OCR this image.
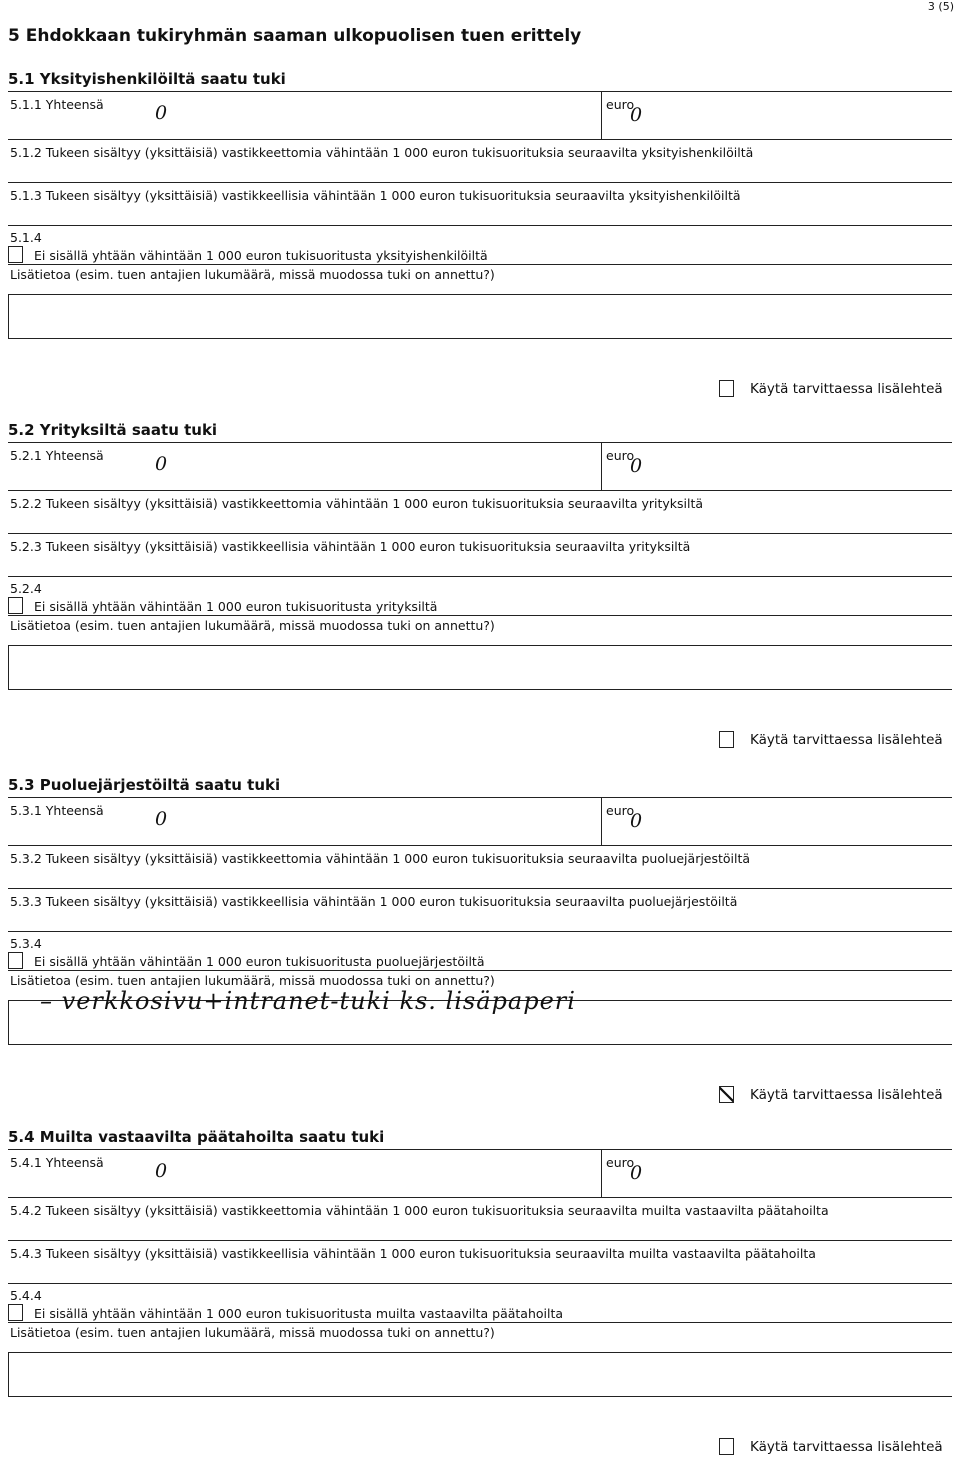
3 (5)
5 Ehdokkaan tukiryhmän saaman ulkopuolisen tuen erittely
5.1 Yksityishenkilöiltä saatu tuki
5.1.1 Yhteensä	0	euro
0
5.1.2 Tukeen sisältyy (yksittäisiä) vastikkeettomia vähintään 1 000 euron tukisuorituksia seuraavilta yksityishenkilöiltä
5.1.3 Tukeen sisältyy (yksittäisiä) vastikkeellisia vähintään 1 000 euron tukisuorituksia seuraavilta yksityishenkilöiltä
5.1.4
Ei sisällä yhtään vähintään 1 000 euron tukisuoritusta yksityishenkilöiltä
Lisätietoa (esim. tuen antajien lukumäärä, missä muodossa tuki on annettu?)
Käytä tarvittaessa lisälehteä
5.2 Yrityksiltä saatu tuki
5.2.1 Yhteensä	0	euro
0
5.2.2 Tukeen sisältyy (yksittäisiä) vastikkeettomia vähintään 1 000 euron tukisuorituksia seuraavilta yrityksiltä
5.2.3 Tukeen sisältyy (yksittäisiä) vastikkeellisia vähintään 1 000 euron tukisuorituksia seuraavilta yrityksiltä
5.2.4
Ei sisällä yhtään vähintään 1 000 euron tukisuoritusta yrityksiltä
Lisätietoa (esim. tuen antajien lukumäärä, missä muodossa tuki on annettu?)
Käytä tarvittaessa lisälehteä
5.3 Puoluejärjestöiltä saatu tuki
5.3.1 Yhteensä	0	euro
0
5.3.2 Tukeen sisältyy (yksittäisiä) vastikkeettomia vähintään 1 000 euron tukisuorituksia seuraavilta puoluejärjestöiltä
5.3.3 Tukeen sisältyy (yksittäisiä) vastikkeellisia vähintään 1 000 euron tukisuorituksia seuraavilta puoluejärjestöiltä
5.3.4
Ei sisällä yhtään vähintään 1 000 euron tukisuoritusta puoluejärjestöiltä
Lisätietoa (esim. tuen antajien lukumäärä, missä muodossa tuki on annettu?)
– verkkosivu+intranet-tuki ks. lisäpaperi
Käytä tarvittaessa lisälehteä
5.4 Muilta vastaavilta päätahoilta saatu tuki
5.4.1 Yhteensä	0	euro
0
5.4.2 Tukeen sisältyy (yksittäisiä) vastikkeettomia vähintään 1 000 euron tukisuorituksia seuraavilta muilta vastaavilta päätahoilta
5.4.3 Tukeen sisältyy (yksittäisiä) vastikkeellisia vähintään 1 000 euron tukisuorituksia seuraavilta muilta vastaavilta päätahoilta
5.4.4
Ei sisällä yhtään vähintään 1 000 euron tukisuoritusta muilta vastaavilta päätahoilta
Lisätietoa (esim. tuen antajien lukumäärä, missä muodossa tuki on annettu?)
Käytä tarvittaessa lisälehteä
